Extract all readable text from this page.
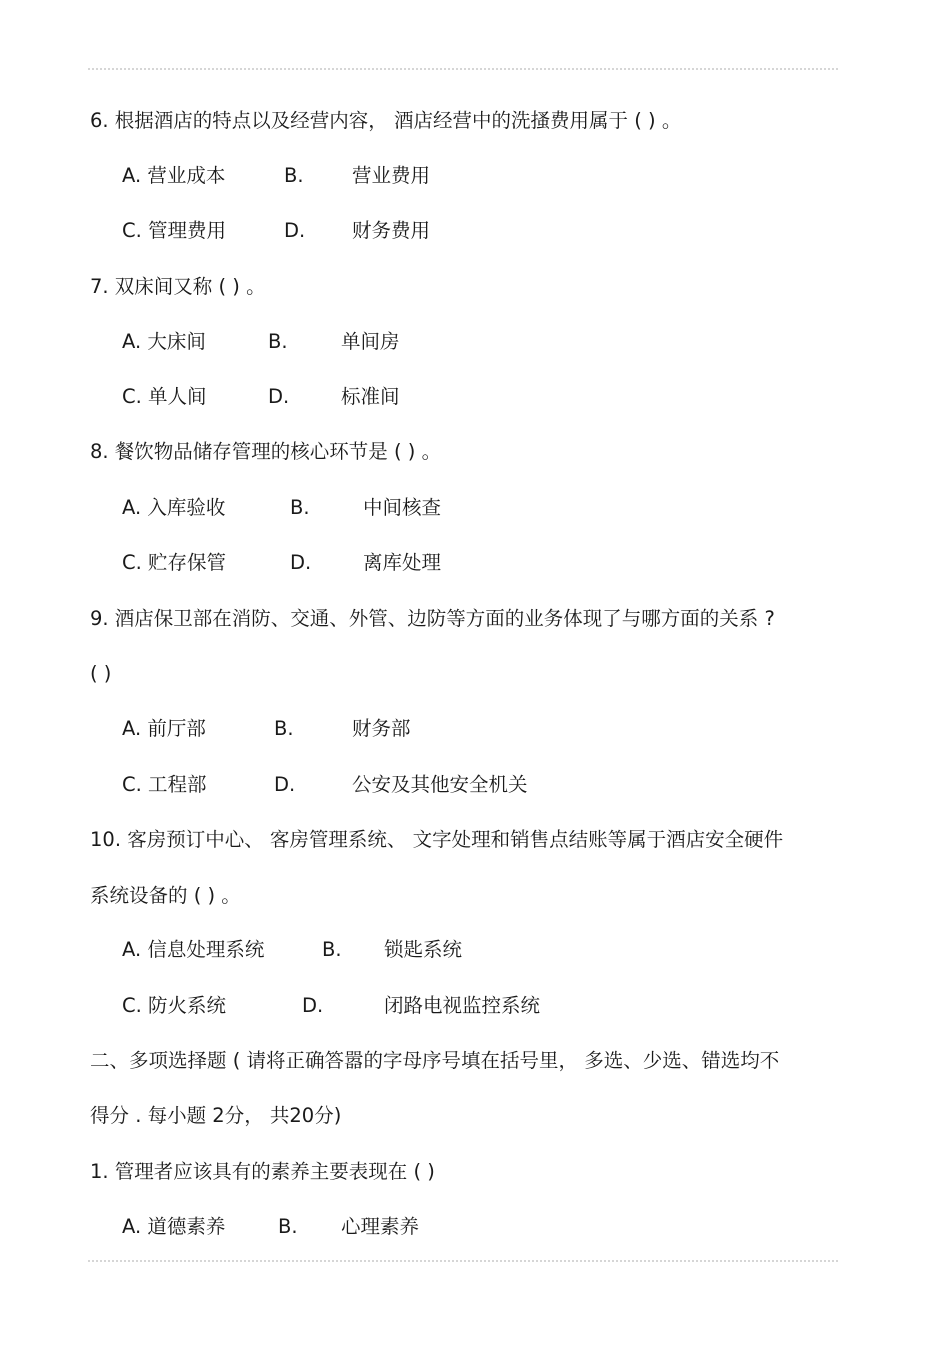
6. 根据酒店的特点以及经营内容， 酒店经营中的洗搔费用属于 ( ) 。
A. 营业成本	B. 营业费用
C. 管理费用	D. 财务费用
7. 双床间又称 ( ) 。
A. 大床间	B.	单间房
C. 单人间	D.	标准间
8. 餐饮物品储存管理的核心环节是 ( ) 。
A. 入库验收	B.	中间核查
C. 贮存保管	D.	离库处理
9. 酒店保卫部在消防、交通、外管、边防等方面的业务体现了与哪方面的关系 ?
( )
A. 前厅部	B.	财务部
C. 工程部	D.	公安及其他安全机关
10. 客房预订中心、 客房管理系统、 文字处理和销售点结账等属于酒店安全硬件
系统设备的 ( ) 。
A. 信息处理系统	B. 锁匙系统
C. 防火系统	D.	闭路电视监控系统
二、多项选择题 ( 请将正确答嚣的字母序号填在括号里， 多选、少选、错选均不
得分 . 每小题 2分， 共20分)
1. 管理者应该具有的素养主要表现在 ( )
A. 道德素养	B. 心理素养
